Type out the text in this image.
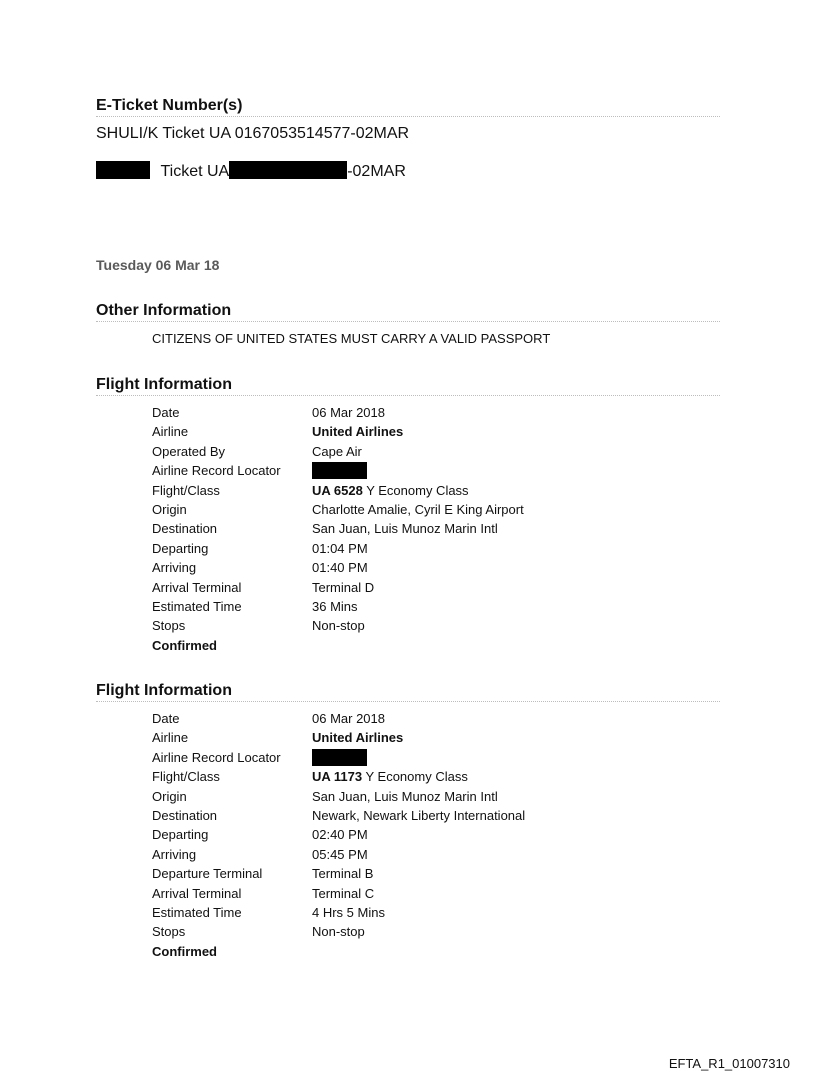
E-Ticket Number(s)
SHULI/K Ticket UA 0167053514577-02MAR
Ticket UA	-02MAR
Tuesday 06 Mar 18
Other Information
CITIZENS OF UNITED STATES MUST CARRY A VALID PASSPORT
Flight Information
Date	06 Mar 2018
Airline	United Airlines
Operated By	Cape Air
Airline Record Locator
Flight/Class	UA 6528 Y Economy Class
Origin	Charlotte Amalie, Cyril E King Airport
Destination	San Juan, Luis Munoz Marin Intl
Departing	01:04 PM
Arriving	01:40 PM
Arrival Terminal	Terminal D
Estimated Time	36 Mins
Stops	Non-stop
Confirmed
Flight Information
Date	06 Mar 2018
Airline	United Airlines
Airline Record Locator
Flight/Class	UA 1173 Y Economy Class
Origin	San Juan, Luis Munoz Marin Intl
Destination	Newark, Newark Liberty International
Departing	02:40 PM
Arriving	05:45 PM
Departure Terminal	Terminal B
Arrival Terminal	Terminal C
Estimated Time	4 Hrs 5 Mins
Stops	Non-stop
Confirmed
EFTA_R1_01007310
